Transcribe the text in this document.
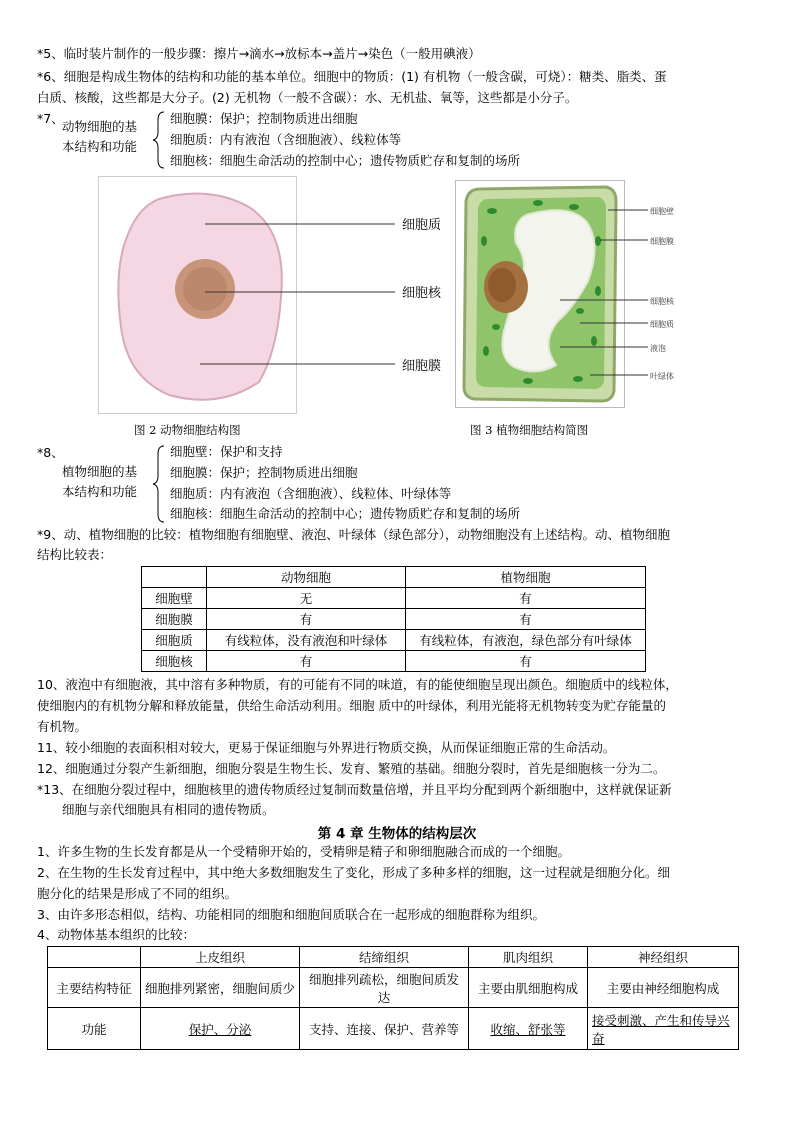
*5、临时装片制作的一般步骤：擦片→滴水→放标本→盖片→染色（一般用碘液）
*6、细胞是构成生物体的结构和功能的基本单位。细胞中的物质：(1) 有机物（一般含碳，可烧）：糖类、脂类、蛋
白质、核酸，这些都是大分子。(2) 无机物（一般不含碳）：水、无机盐、氧等，这些都是小分子。
*7、
动物细胞的基
本结构和功能
细胞膜：保护；控制物质进出细胞
细胞质：内有液泡（含细胞液）、线粒体等
细胞核：细胞生命活动的控制中心；遗传物质贮存和复制的场所
细胞质
细胞核
细胞膜
细胞壁
细胞膜
细胞核
细胞质
液泡
叶绿体
图 2 动物细胞结构图	图 3 植物细胞结构简图
*8、
植物细胞的基
本结构和功能
细胞壁：保护和支持
细胞膜：保护；控制物质进出细胞
细胞质：内有液泡（含细胞液）、线粒体、叶绿体等
细胞核：细胞生命活动的控制中心；遗传物质贮存和复制的场所
*9、动、植物细胞的比较：植物细胞有细胞壁、液泡、叶绿体（绿色部分），动物细胞没有上述结构。动、植物细胞
结构比较表：
	动物细胞	植物细胞
细胞壁	无	有
细胞膜	有	有
细胞质	有线粒体，没有液泡和叶绿体	有线粒体，有液泡，绿色部分有叶绿体
细胞核	有	有
10、液泡中有细胞液，其中溶有多种物质，有的可能有不同的味道，有的能使细胞呈现出颜色。细胞质中的线粒体，
使细胞内的有机物分解和释放能量，供给生命活动利用。细胞 质中的叶绿体，利用光能将无机物转变为贮存能量的
有机物。
11、较小细胞的表面积相对较大，更易于保证细胞与外界进行物质交换，从而保证细胞正常的生命活动。
12、细胞通过分裂产生新细胞，细胞分裂是生物生长、发育、繁殖的基础。细胞分裂时，首先是细胞核一分为二。
*13、在细胞分裂过程中，细胞核里的遗传物质经过复制而数量倍增，并且平均分配到两个新细胞中，这样就保证新
细胞与亲代细胞具有相同的遗传物质。
第 4 章 生物体的结构层次
1、许多生物的生长发育都是从一个受精卵开始的，受精卵是精子和卵细胞融合而成的一个细胞。
2、在生物的生长发育过程中，其中绝大多数细胞发生了变化，形成了多种多样的细胞，这一过程就是细胞分化。细
胞分化的结果是形成了不同的组织。
3、由许多形态相似，结构、功能相同的细胞和细胞间质联合在一起形成的细胞群称为组织。
4、动物体基本组织的比较：
	上皮组织	结缔组织	肌肉组织	神经组织
主要结构特征	细胞排列紧密，细胞间质少	细胞排列疏松，细胞间质发达	主要由肌细胞构成	主要由神经细胞构成
功能	保护、分泌	支持、连接、保护、营养等	收缩、舒张等	接受刺激、产生和传导兴奋
